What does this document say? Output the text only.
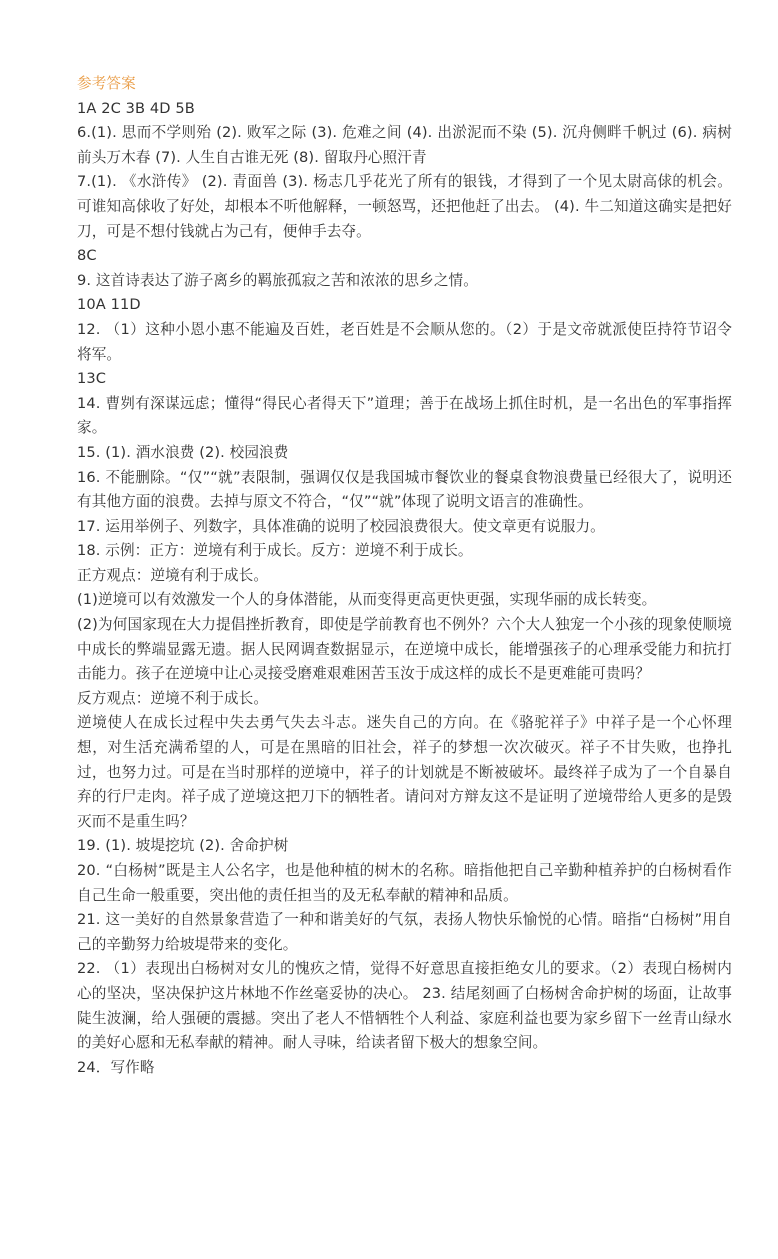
参考答案

1A 2C 3B 4D 5B

6.(1). 思而不学则殆 (2). 败军之际 (3). 危难之间 (4). 出淤泥而不染 (5). 沉舟侧畔千帆过 (6). 病树前头万木春 (7). 人生自古谁无死 (8). 留取丹心照汗青

7.(1). 《水浒传》 (2). 青面兽 (3). 杨志几乎花光了所有的银钱，才得到了一个见太尉高俅的机会。可谁知高俅收了好处，却根本不听他解释，一顿怒骂，还把他赶了出去。 (4). 牛二知道这确实是把好刀，可是不想付钱就占为己有，便伸手去夺。

8C

9. 这首诗表达了游子离乡的羁旅孤寂之苦和浓浓的思乡之情。

10A 11D

12. （1）这种小恩小惠不能遍及百姓，老百姓是不会顺从您的。（2）于是文帝就派使臣持符节诏令将军。

13C

14. 曹刿有深谋远虑；懂得“得民心者得天下”道理；善于在战场上抓住时机，是一名出色的军事指挥家。

15. (1). 酒水浪费 (2). 校园浪费

16. 不能删除。“仅”“就”表限制，强调仅仅是我国城市餐饮业的餐桌食物浪费量已经很大了，说明还有其他方面的浪费。去掉与原文不符合，“仅”“就”体现了说明文语言的准确性。

17. 运用举例子、列数字，具体准确的说明了校园浪费很大。使文章更有说服力。

18. 示例：正方：逆境有利于成长。反方：逆境不利于成长。

正方观点：逆境有利于成长。

(1)逆境可以有效激发一个人的身体潜能，从而变得更高更快更强，实现华丽的成长转变。

(2)为何国家现在大力提倡挫折教育，即使是学前教育也不例外？六个大人独宠一个小孩的现象使顺境中成长的弊端显露无遗。据人民网调查数据显示，在逆境中成长，能增强孩子的心理承受能力和抗打击能力。孩子在逆境中让心灵接受磨难艰难困苦玉汝于成这样的成长不是更难能可贵吗？

反方观点：逆境不利于成长。

逆境使人在成长过程中失去勇气失去斗志。迷失自己的方向。在《骆驼祥子》中祥子是一个心怀理想，对生活充满希望的人，可是在黑暗的旧社会，祥子的梦想一次次破灭。祥子不甘失败，也挣扎过，也努力过。可是在当时那样的逆境中，祥子的计划就是不断被破坏。最终祥子成为了一个自暴自弃的行尸走肉。祥子成了逆境这把刀下的牺牲者。请问对方辩友这不是证明了逆境带给人更多的是毁灭而不是重生吗？

19. (1). 坡堤挖坑 (2). 舍命护树

20. “白杨树”既是主人公名字，也是他种植的树木的名称。暗指他把自己辛勤种植养护的白杨树看作自己生命一般重要，突出他的责任担当的及无私奉献的精神和品质。

21. 这一美好的自然景象营造了一种和谐美好的气氛，表扬人物快乐愉悦的心情。暗指“白杨树”用自己的辛勤努力给坡堤带来的变化。

22. （1）表现出白杨树对女儿的愧疚之情，觉得不好意思直接拒绝女儿的要求。（2）表现白杨树内心的坚决，坚决保护这片林地不作丝毫妥协的决心。 23. 结尾刻画了白杨树舍命护树的场面，让故事陡生波澜，给人强硬的震撼。突出了老人不惜牺牲个人利益、家庭利益也要为家乡留下一丝青山绿水的美好心愿和无私奉献的精神。耐人寻味，给读者留下极大的想象空间。

24．写作略
